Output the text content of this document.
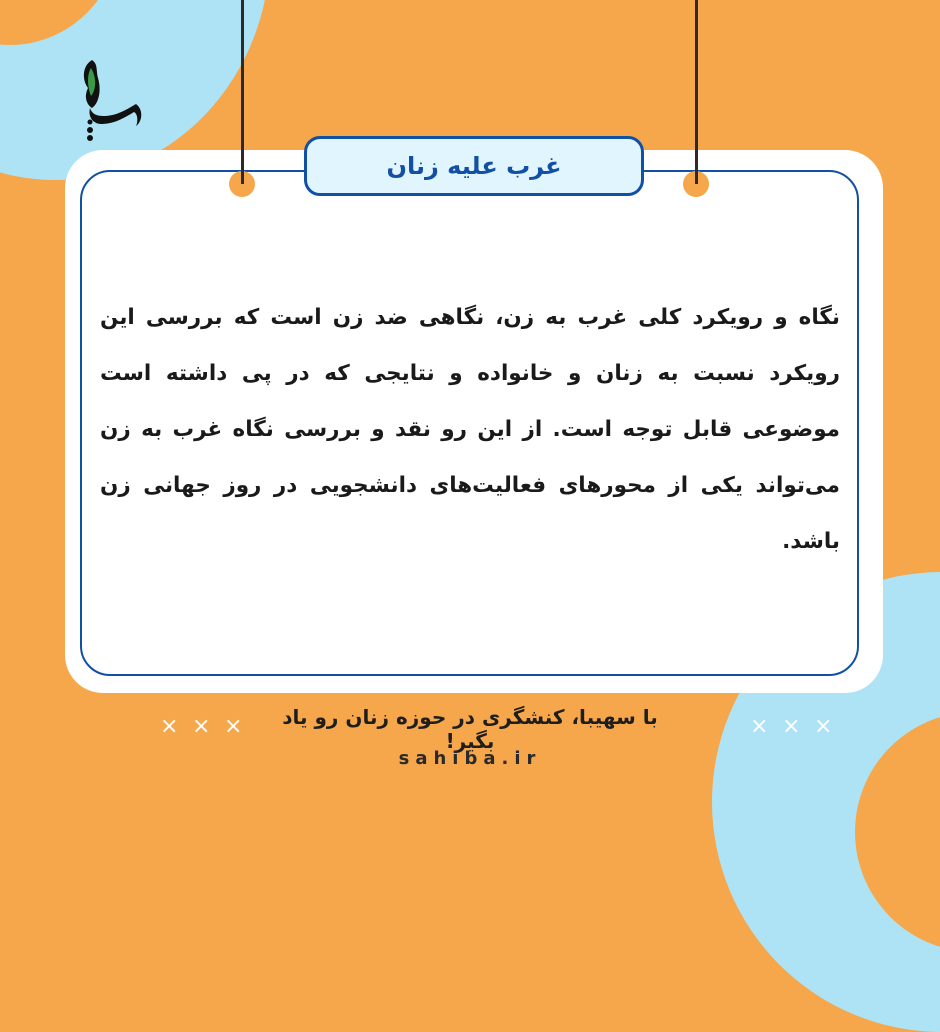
غرب علیه زنان
نگاه و رویکرد کلی غرب به زن، نگاهی ضد زن است که بررسی این رویکرد نسبت به زنان و خانواده و نتایجی که در پی داشته است موضوعی قابل توجه است. از این رو نقد و بررسی نگاه غرب به زن می‌تواند یکی از محورهای فعالیت‌های دانشجویی در روز جهانی زن باشد.
× × ×	× × ×
با سهیبا، کنشگری در حوزه زنان رو یاد بگیر!
sahiba.ir
